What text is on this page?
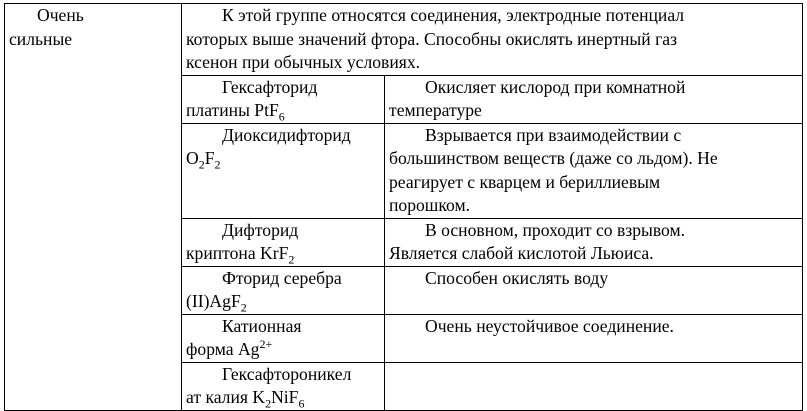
Очень
сильные	К этой группе относятся соединения, электродные потенциал
которых выше значений фтора. Способны окислять инертный газ
ксенон при обычных условиях.	

	Гексафторид
платины PtF$_6$	Окисляет кислород при комнатной
температуре

	Диоксидифторид
$O_2F_2$	Взрывается при взаимодействии с
большинством веществ (даже со льдом). Не
реагирует с кварцем и бериллиевым
порошком.

	Дифторид
криптона KrF$_2$	В основном, проходит со взрывом.
Является слабой кислотой Льюиса.

	Фторид серебра
(II)AgF$_2$	Способен окислять воду

	Катионная
форма $Ag^{2+}$	Очень неустойчивое соединение.

	Гексафтороникел
ат калия $K_2NiF_6$
